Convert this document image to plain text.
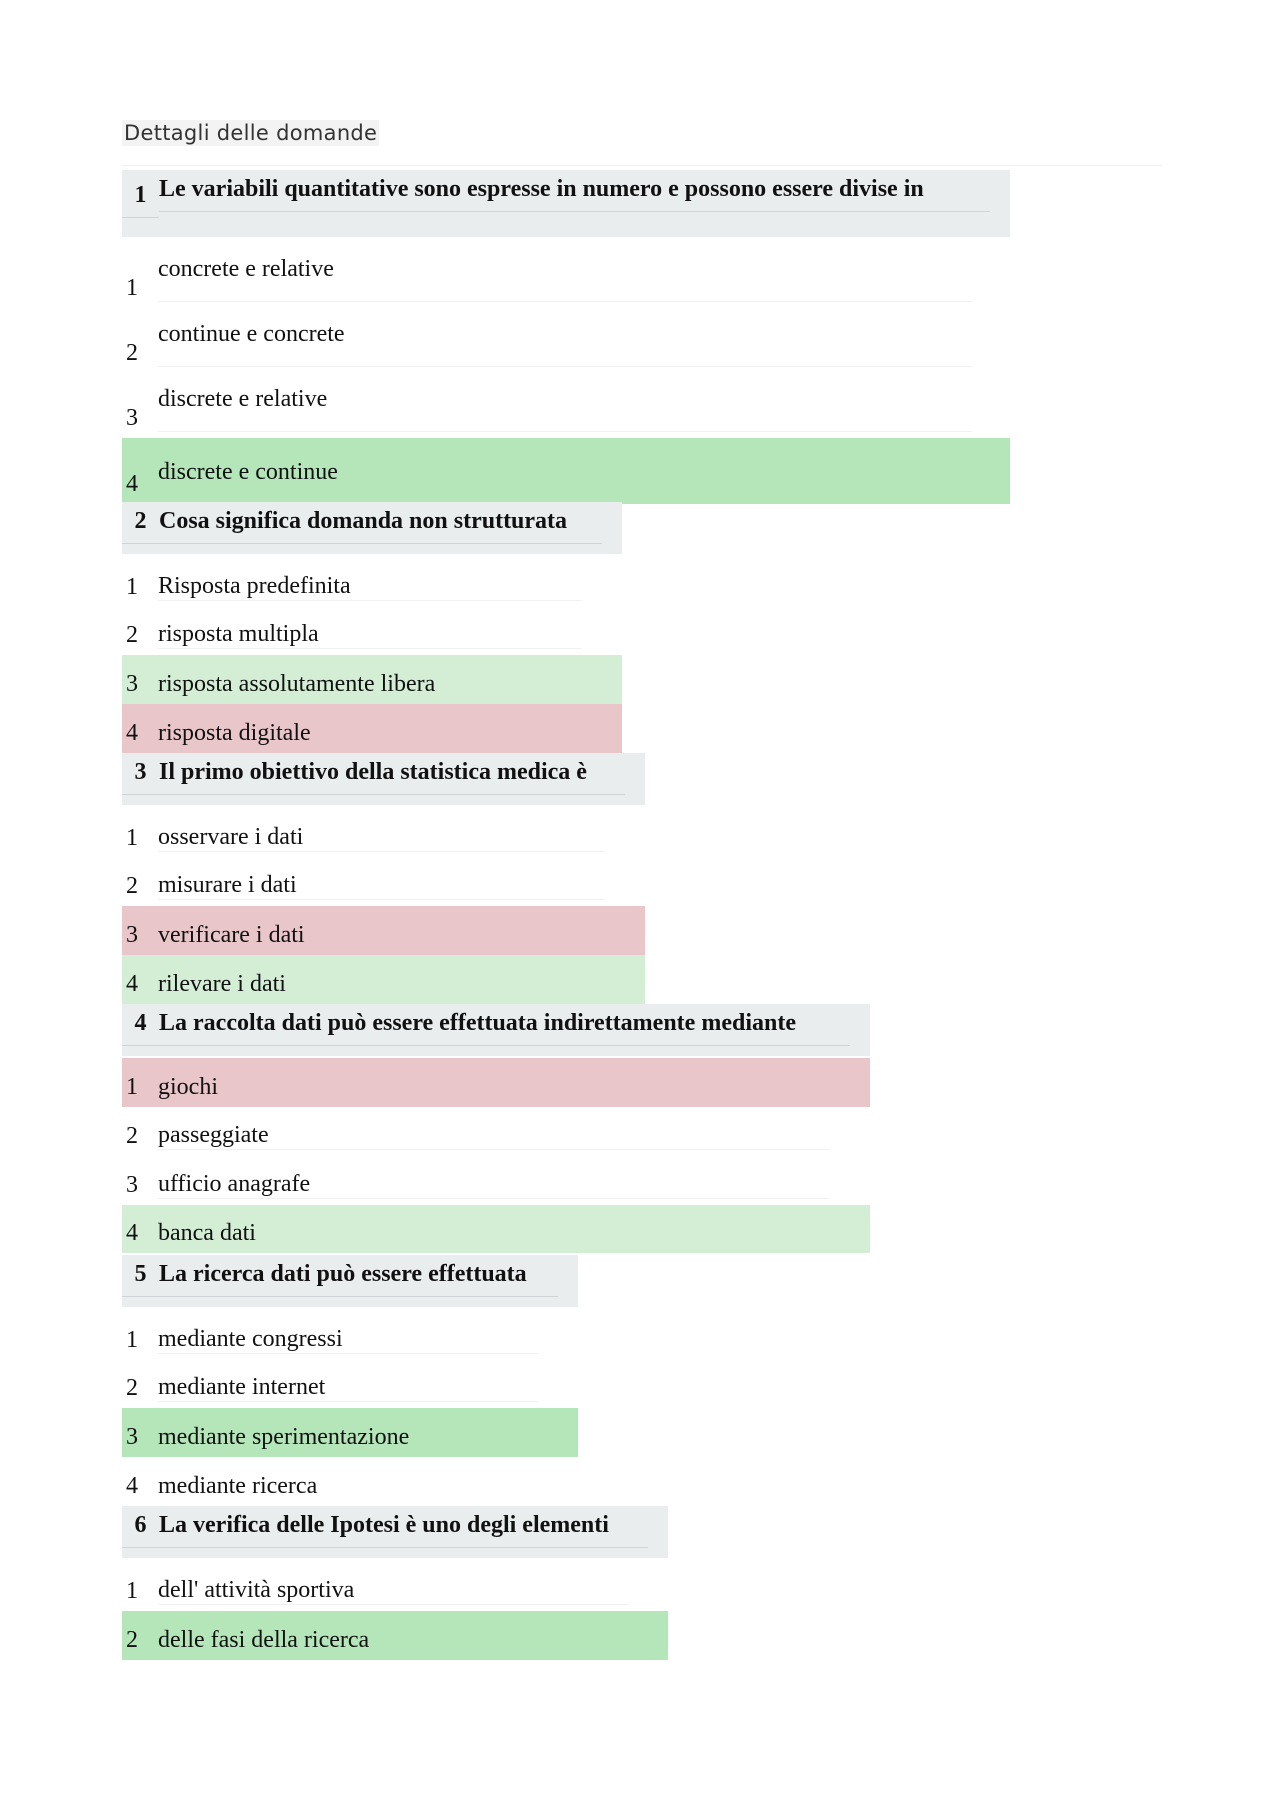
Dettagli delle domande
1 Le variabili quantitative sono espresse in numero e possono essere divise in
1
concrete e relative
2
continue e concrete
3
discrete e relative
4 discrete e continue
2 Cosa significa domanda non strutturata
1 Risposta predefinita
2 risposta multipla
3 risposta assolutamente libera
4 risposta digitale
3 Il primo obiettivo della statistica medica è
1 osservare i dati
2 misurare i dati
3 verificare i dati
4 rilevare i dati
4 La raccolta dati può essere effettuata indirettamente mediante
1 giochi
2 passeggiate
3 ufficio anagrafe
4 banca dati
5 La ricerca dati può essere effettuata
1 mediante congressi
2 mediante internet
3 mediante sperimentazione
4 mediante ricerca
6 La verifica delle Ipotesi è uno degli elementi
1 dell' attività sportiva
2 delle fasi della ricerca
